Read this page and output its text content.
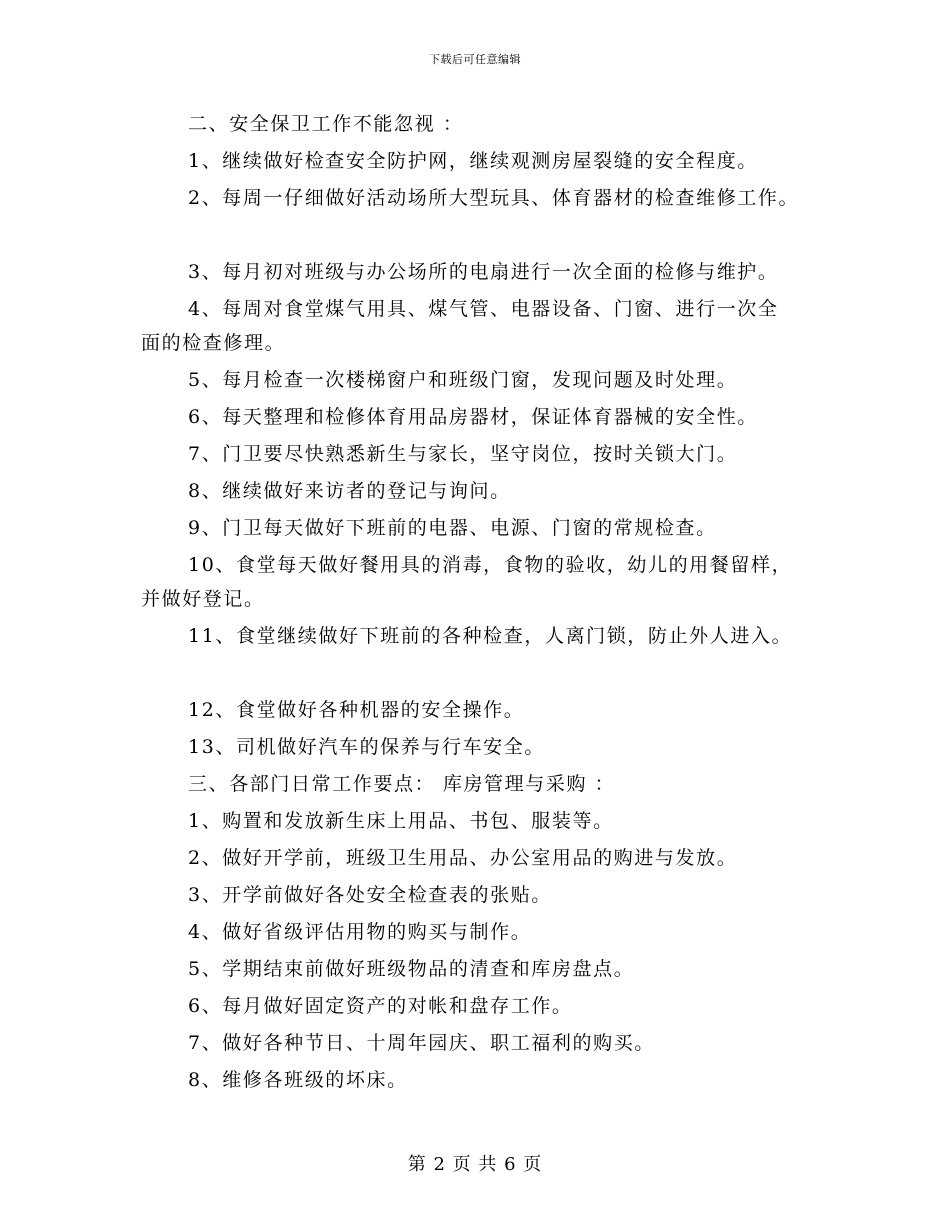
下载后可任意编辑

二、安全保卫工作不能忽视 ：

1、继续做好检查安全防护网，继续观测房屋裂缝的安全程度。

2、每周一仔细做好活动场所大型玩具、体育器材的检查维修工作。

3、每月初对班级与办公场所的电扇进行一次全面的检修与维护。

4、每周对食堂煤气用具、煤气管、电器设备、门窗、进行一次全

面的检查修理。

5、每月检查一次楼梯窗户和班级门窗，发现问题及时处理。

6、每天整理和检修体育用品房器材，保证体育器械的安全性。

7、门卫要尽快熟悉新生与家长，坚守岗位，按时关锁大门。

8、继续做好来访者的登记与询问。

9、门卫每天做好下班前的电器、电源、门窗的常规检查。

10、食堂每天做好餐用具的消毒，食物的验收，幼儿的用餐留样，

并做好登记。

11、食堂继续做好下班前的各种检查，人离门锁，防止外人进入。

12、食堂做好各种机器的安全操作。

13、司机做好汽车的保养与行车安全。

三、各部门日常工作要点： 库房管理与采购 ：

1、购置和发放新生床上用品、书包、服装等。

2、做好开学前，班级卫生用品、办公室用品的购进与发放。

3、开学前做好各处安全检查表的张贴。

4、做好省级评估用物的购买与制作。

5、学期结束前做好班级物品的清查和库房盘点。

6、每月做好固定资产的对帐和盘存工作。

7、做好各种节日、十周年园庆、职工福利的购买。

8、维修各班级的坏床。

第 2 页 共 6 页
